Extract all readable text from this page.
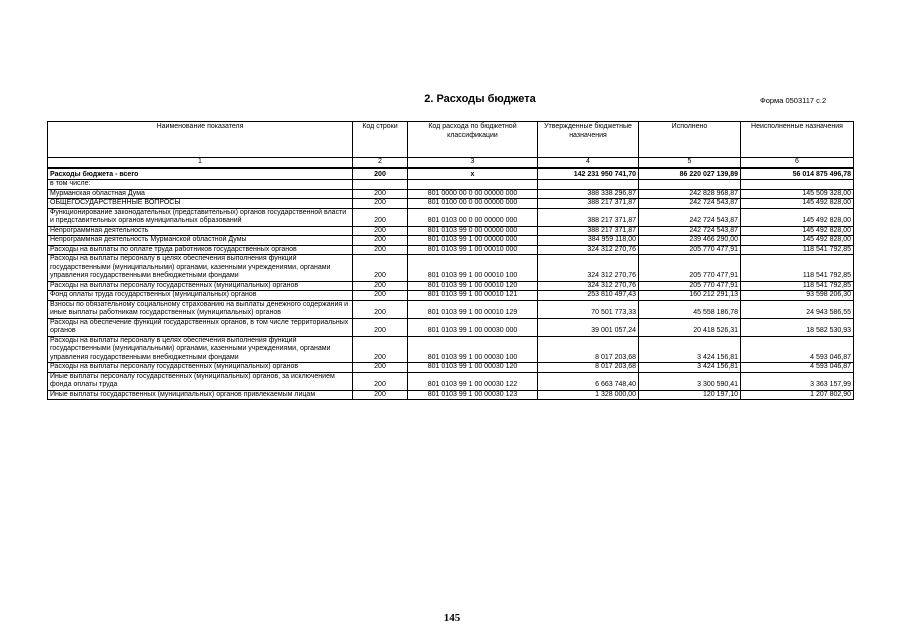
2. Расходы бюджета	Форма 0503117 с.2
Наименование показателя	Код строки	Код расхода по бюджетной классификации	Утвержденные бюджетные назначения	Исполнено	Неисполненные назначения
1	2	3	4	5	6
Расходы бюджета - всего	200	x	142 231 950 741,70	86 220 027 139,89	56 014 875 496,78
в том числе:					
Мурманская областная Дума	200	801 0000 00 0 00 00000 000	388 338 296,87	242 828 968,87	145 509 328,00
ОБЩЕГОСУДАРСТВЕННЫЕ ВОПРОСЫ	200	801 0100 00 0 00 00000 000	388 217 371,87	242 724 543,87	145 492 828,00
Функционирование законодательных (представительных) органов государственной власти и представительных органов муниципальных образований	200	801 0103 00 0 00 00000 000	388 217 371,87	242 724 543,87	145 492 828,00
Непрограммная деятельность	200	801 0103 99 0 00 00000 000	388 217 371,87	242 724 543,87	145 492 828,00
Непрограммная деятельность Мурманской областной Думы	200	801 0103 99 1 00 00000 000	384 959 118,00	239 466 290,00	145 492 828,00
Расходы на выплаты по оплате труда работников государственных органов	200	801 0103 99 1 00 00010 000	324 312 270,76	205 770 477,91	118 541 792,85
Расходы на выплаты персоналу в целях обеспечения выполнения функций государственными (муниципальными) органами, казенными учреждениями, органами управления государственными внебюджетными фондами	200	801 0103 99 1 00 00010 100	324 312 270,76	205 770 477,91	118 541 792,85
Расходы на выплаты персоналу государственных (муниципальных) органов	200	801 0103 99 1 00 00010 120	324 312 270,76	205 770 477,91	118 541 792,85
Фонд оплаты труда государственных (муниципальных) органов	200	801 0103 99 1 00 00010 121	253 810 497,43	160 212 291,13	93 598 206,30
Взносы по обязательному социальному страхованию на выплаты денежного содержания и иные выплаты работникам государственных (муниципальных) органов	200	801 0103 99 1 00 00010 129	70 501 773,33	45 558 186,78	24 943 586,55
Расходы на обеспечение функций государственных органов, в том числе территориальных органов	200	801 0103 99 1 00 00030 000	39 001 057,24	20 418 526,31	18 582 530,93
Расходы на выплаты персоналу в целях обеспечения выполнения функций государственными (муниципальными) органами, казенными учреждениями, органами управления государственными внебюджетными фондами	200	801 0103 99 1 00 00030 100	8 017 203,68	3 424 156,81	4 593 046,87
Расходы на выплаты персоналу государственных (муниципальных) органов	200	801 0103 99 1 00 00030 120	8 017 203,68	3 424 156,81	4 593 046,87
Иные выплаты персоналу государственных (муниципальных) органов, за исключением фонда оплаты труда	200	801 0103 99 1 00 00030 122	6 663 748,40	3 300 590,41	3 363 157,99
Иные выплаты государственных (муниципальных) органов привлекаемым лицам	200	801 0103 99 1 00 00030 123	1 328 000,00	120 197,10	1 207 802,90
145
